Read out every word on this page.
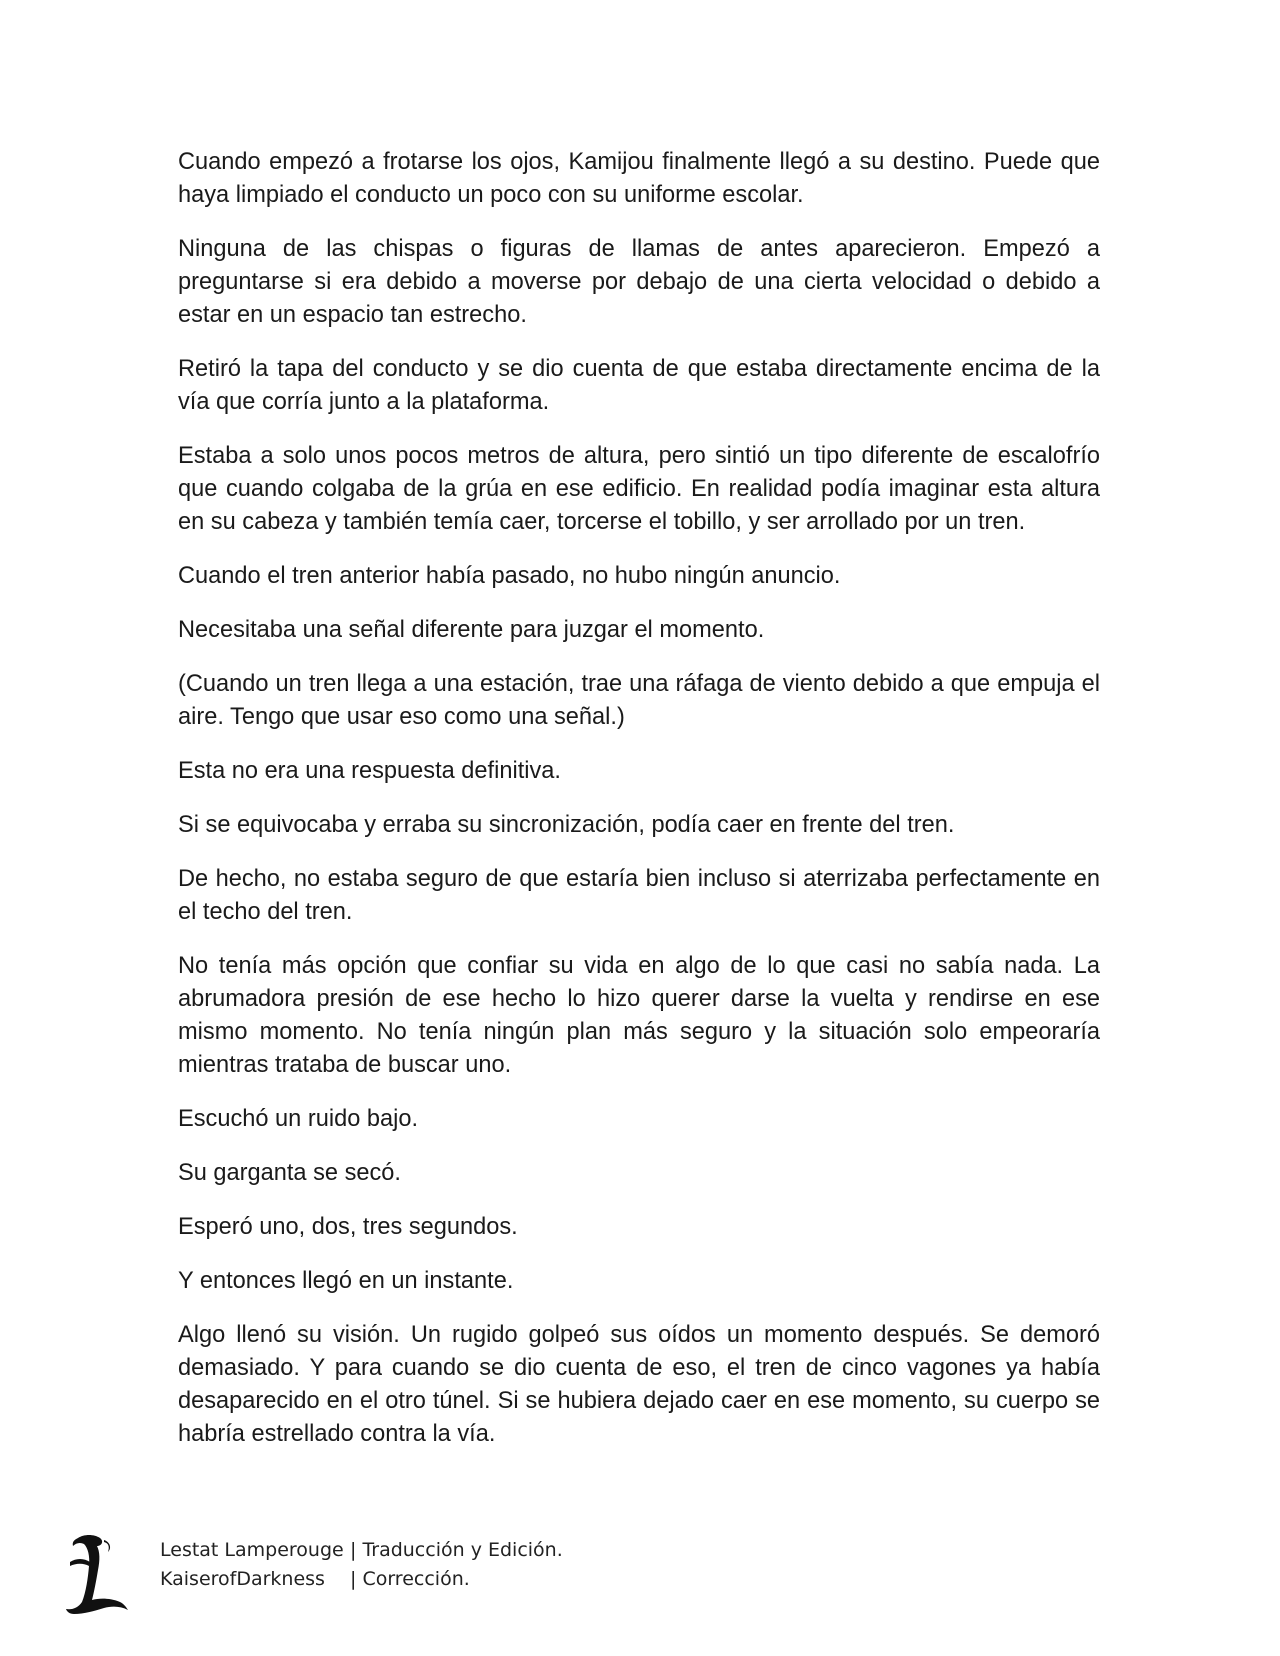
Cuando empezó a frotarse los ojos, Kamijou finalmente llegó a su destino. Puede que haya limpiado el conducto un poco con su uniforme escolar.

Ninguna de las chispas o figuras de llamas de antes aparecieron. Empezó a preguntarse si era debido a moverse por debajo de una cierta velocidad o debido a estar en un espacio tan estrecho.

Retiró la tapa del conducto y se dio cuenta de que estaba directamente encima de la vía que corría junto a la plataforma.

Estaba a solo unos pocos metros de altura, pero sintió un tipo diferente de escalofrío que cuando colgaba de la grúa en ese edificio. En realidad podía imaginar esta altura en su cabeza y también temía caer, torcerse el tobillo, y ser arrollado por un tren.

Cuando el tren anterior había pasado, no hubo ningún anuncio.

Necesitaba una señal diferente para juzgar el momento.

(Cuando un tren llega a una estación, trae una ráfaga de viento debido a que empuja el aire. Tengo que usar eso como una señal.)

Esta no era una respuesta definitiva.

Si se equivocaba y erraba su sincronización, podía caer en frente del tren.

De hecho, no estaba seguro de que estaría bien incluso si aterrizaba perfectamente en el techo del tren.

No tenía más opción que confiar su vida en algo de lo que casi no sabía nada. La abrumadora presión de ese hecho lo hizo querer darse la vuelta y rendirse en ese mismo momento. No tenía ningún plan más seguro y la situación solo empeoraría mientras trataba de buscar uno.

Escuchó un ruido bajo.

Su garganta se secó.

Esperó uno, dos, tres segundos.

Y entonces llegó en un instante.

Algo llenó su visión. Un rugido golpeó sus oídos un momento después. Se demoró demasiado. Y para cuando se dio cuenta de eso, el tren de cinco vagones ya había desaparecido en el otro túnel. Si se hubiera dejado caer en ese momento, su cuerpo se habría estrellado contra la vía.

Lestat Lamperouge | Traducción y Edición.
KaiserofDarkness | Corrección.
